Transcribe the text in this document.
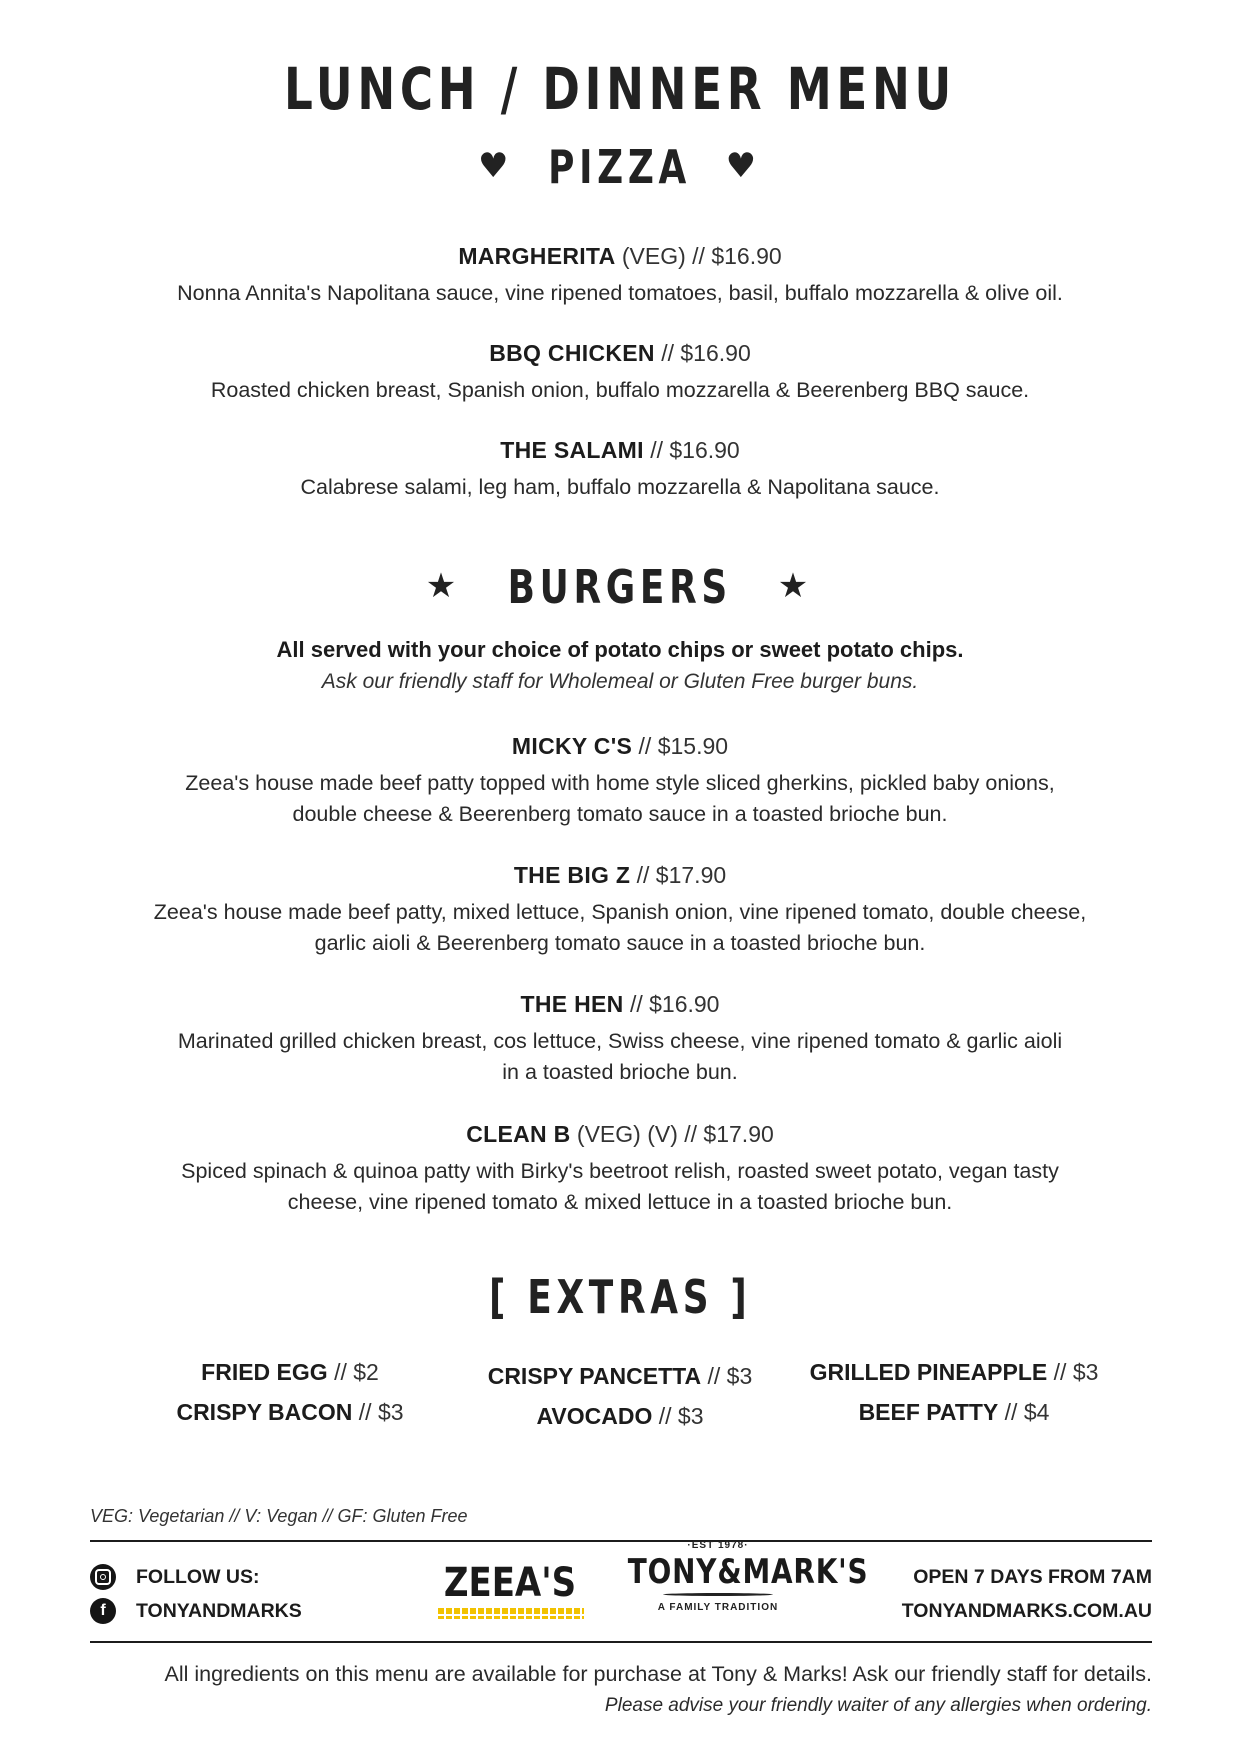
LUNCH / DINNER MENU
♥ PIZZA ♥
MARGHERITA (VEG) // $16.90
Nonna Annita's Napolitana sauce, vine ripened tomatoes, basil, buffalo mozzarella & olive oil.
BBQ CHICKEN // $16.90
Roasted chicken breast, Spanish onion, buffalo mozzarella & Beerenberg BBQ sauce.
THE SALAMI // $16.90
Calabrese salami, leg ham, buffalo mozzarella & Napolitana sauce.
★ BURGERS ★
All served with your choice of potato chips or sweet potato chips.
Ask our friendly staff for Wholemeal or Gluten Free burger buns.
MICKY C'S // $15.90
Zeea's house made beef patty topped with home style sliced gherkins, pickled baby onions,
double cheese & Beerenberg tomato sauce in a toasted brioche bun.
THE BIG Z // $17.90
Zeea's house made beef patty, mixed lettuce, Spanish onion, vine ripened tomato, double cheese,
garlic aioli & Beerenberg tomato sauce in a toasted brioche bun.
THE HEN // $16.90
Marinated grilled chicken breast, cos lettuce, Swiss cheese, vine ripened tomato & garlic aioli
in a toasted brioche bun.
CLEAN B (VEG) (V) // $17.90
Spiced spinach & quinoa patty with Birky's beetroot relish, roasted sweet potato, vegan tasty
cheese, vine ripened tomato & mixed lettuce in a toasted brioche bun.
[ EXTRAS ]
FRIED EGG // $2
CRISPY BACON // $3
CRISPY PANCETTA // $3
AVOCADO // $3
GRILLED PINEAPPLE // $3
BEEF PATTY // $4
VEG: Vegetarian // V: Vegan // GF: Gluten Free
FOLLOW US:
f	TONYANDMARKS
ZEEA'S
·EST 1978·
TONY&MARK'S
A FAMILY TRADITION
OPEN 7 DAYS FROM 7AM
TONYANDMARKS.COM.AU
All ingredients on this menu are available for purchase at Tony & Marks! Ask our friendly staff for details.
Please advise your friendly waiter of any allergies when ordering.
